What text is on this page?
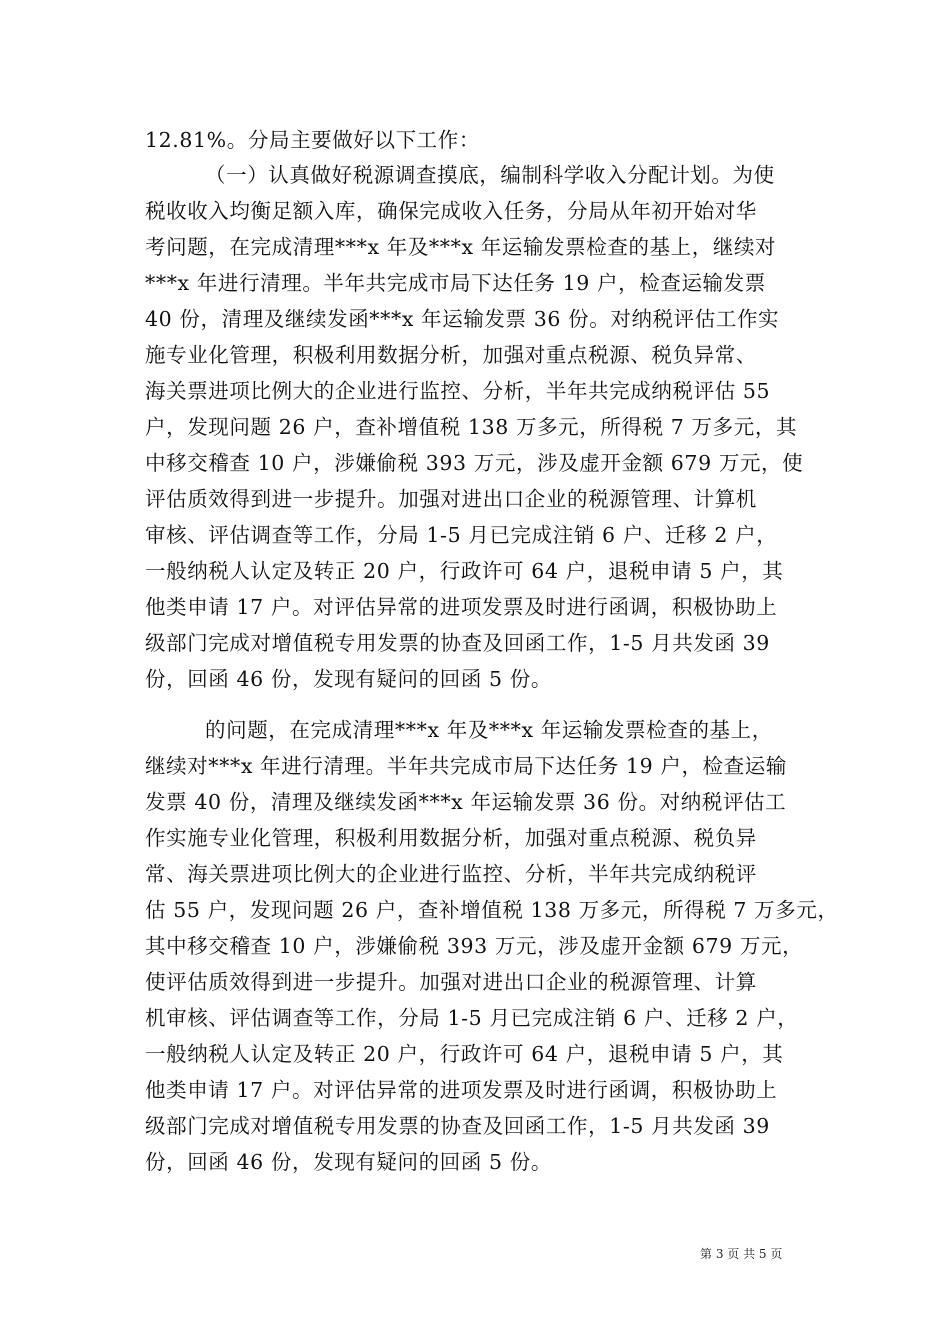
12.81%。分局主要做好以下工作：
（一）认真做好税源调查摸底，编制科学收入分配计划。为使
税收收入均衡足额入库，确保完成收入任务，分局从年初开始对华
考问题，在完成清理***x 年及***x 年运输发票检查的基上，继续对
***x 年进行清理。半年共完成市局下达任务 19 户，检查运输发票
40 份，清理及继续发函***x 年运输发票 36 份。对纳税评估工作实
施专业化管理，积极利用数据分析，加强对重点税源、税负异常、
海关票进项比例大的企业进行监控、分析，半年共完成纳税评估 55
户，发现问题 26 户，查补增值税 138 万多元，所得税 7 万多元，其
中移交稽查 10 户，涉嫌偷税 393 万元，涉及虚开金额 679 万元，使
评估质效得到进一步提升。加强对进出口企业的税源管理、计算机
审核、评估调查等工作，分局 1-5 月已完成注销 6 户、迁移 2 户，
一般纳税人认定及转正 20 户，行政许可 64 户，退税申请 5 户，其
他类申请 17 户。对评估异常的进项发票及时进行函调，积极协助上
级部门完成对增值税专用发票的协查及回函工作，1-5 月共发函 39
份，回函 46 份，发现有疑问的回函 5 份。
的问题，在完成清理***x 年及***x 年运输发票检查的基上，
继续对***x 年进行清理。半年共完成市局下达任务 19 户，检查运输
发票 40 份，清理及继续发函***x 年运输发票 36 份。对纳税评估工
作实施专业化管理，积极利用数据分析，加强对重点税源、税负异
常、海关票进项比例大的企业进行监控、分析，半年共完成纳税评
估 55 户，发现问题 26 户，查补增值税 138 万多元，所得税 7 万多元，
其中移交稽查 10 户，涉嫌偷税 393 万元，涉及虚开金额 679 万元，
使评估质效得到进一步提升。加强对进出口企业的税源管理、计算
机审核、评估调查等工作，分局 1-5 月已完成注销 6 户、迁移 2 户，
一般纳税人认定及转正 20 户，行政许可 64 户，退税申请 5 户，其
他类申请 17 户。对评估异常的进项发票及时进行函调，积极协助上
级部门完成对增值税专用发票的协查及回函工作，1-5 月共发函 39
份，回函 46 份，发现有疑问的回函 5 份。
第 3 页 共 5 页
